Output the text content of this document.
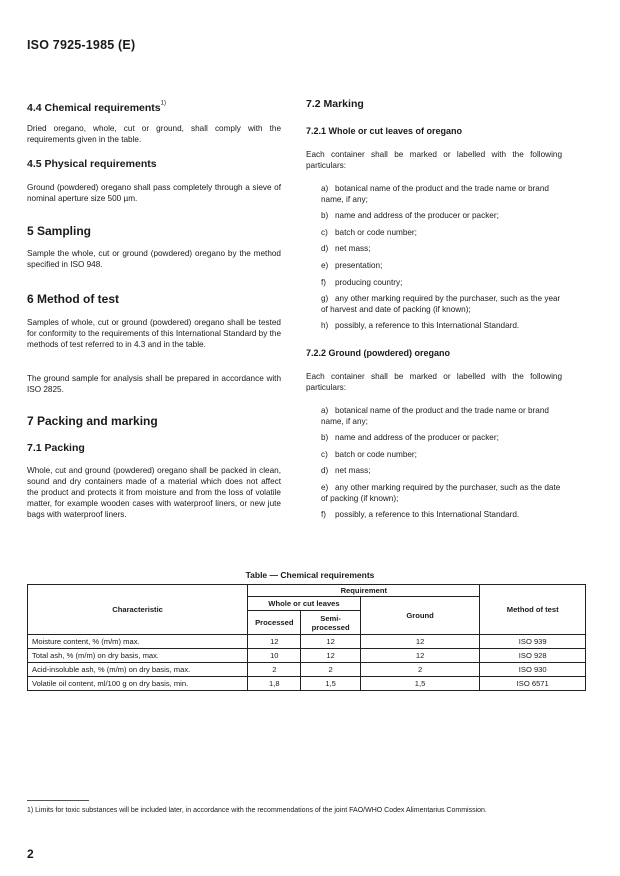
ISO 7925-1985 (E)
4.4 Chemical requirements$^{1)}$

Dried oregano, whole, cut or ground, shall comply with the requirements given in the table.

4.5 Physical requirements

Ground (powdered) oregano shall pass completely through a sieve of nominal aperture size 500 µm.

5 Sampling

Sample the whole, cut or ground (powdered) oregano by the method specified in ISO 948.

6 Method of test

Samples of whole, cut or ground (powdered) oregano shall be tested for conformity to the requirements of this International Standard by the methods of test referred to in 4.3 and in the table.

The ground sample for analysis shall be prepared in accordance with ISO 2825.

7 Packing and marking
7.1 Packing

Whole, cut and ground (powdered) oregano shall be packed in clean, sound and dry containers made of a material which does not affect the product and protects it from moisture and from the loss of volatile matter, for example wooden cases with waterproof liners, or new jute bags with waterproof liners.

7.2 Marking
7.2.1 Whole or cut leaves of oregano

Each container shall be marked or labelled with the following particulars:

a) botanical name of the product and the trade name or brand name, if any;
b) name and address of the producer or packer;
c) batch or code number;
d) net mass;
e) presentation;
f) producing country;
g) any other marking required by the purchaser, such as the year of harvest and date of packing (if known);
h) possibly, a reference to this International Standard.
7.2.2 Ground (powdered) oregano

Each container shall be marked or labelled with the following particulars:

a) botanical name of the product and the trade name or brand name, if any;
b) name and address of the producer or packer;
c) batch or code number;
d) net mass;
e) any other marking required by the purchaser, such as the date of packing (if known);
f) possibly, a reference to this International Standard.
Table — Chemical requirements
Characteristic	Requirement			Method of test
	Whole or cut leaves		Ground	
	Processed	Semi-processed		
Moisture content, % (m/m) max.	12	12	12	ISO 939
Total ash, % (m/m) on dry basis, max.	10	12	12	ISO 928
Acid-insoluble ash, % (m/m) on dry basis, max.	2	2	2	ISO 930
Volatile oil content, ml/100 g on dry basis, min.	1,8	1,5	1,5	ISO 6571
1) Limits for toxic substances will be included later, in accordance with the recommendations of the joint FAO/WHO Codex Alimentarius Commission.
2
